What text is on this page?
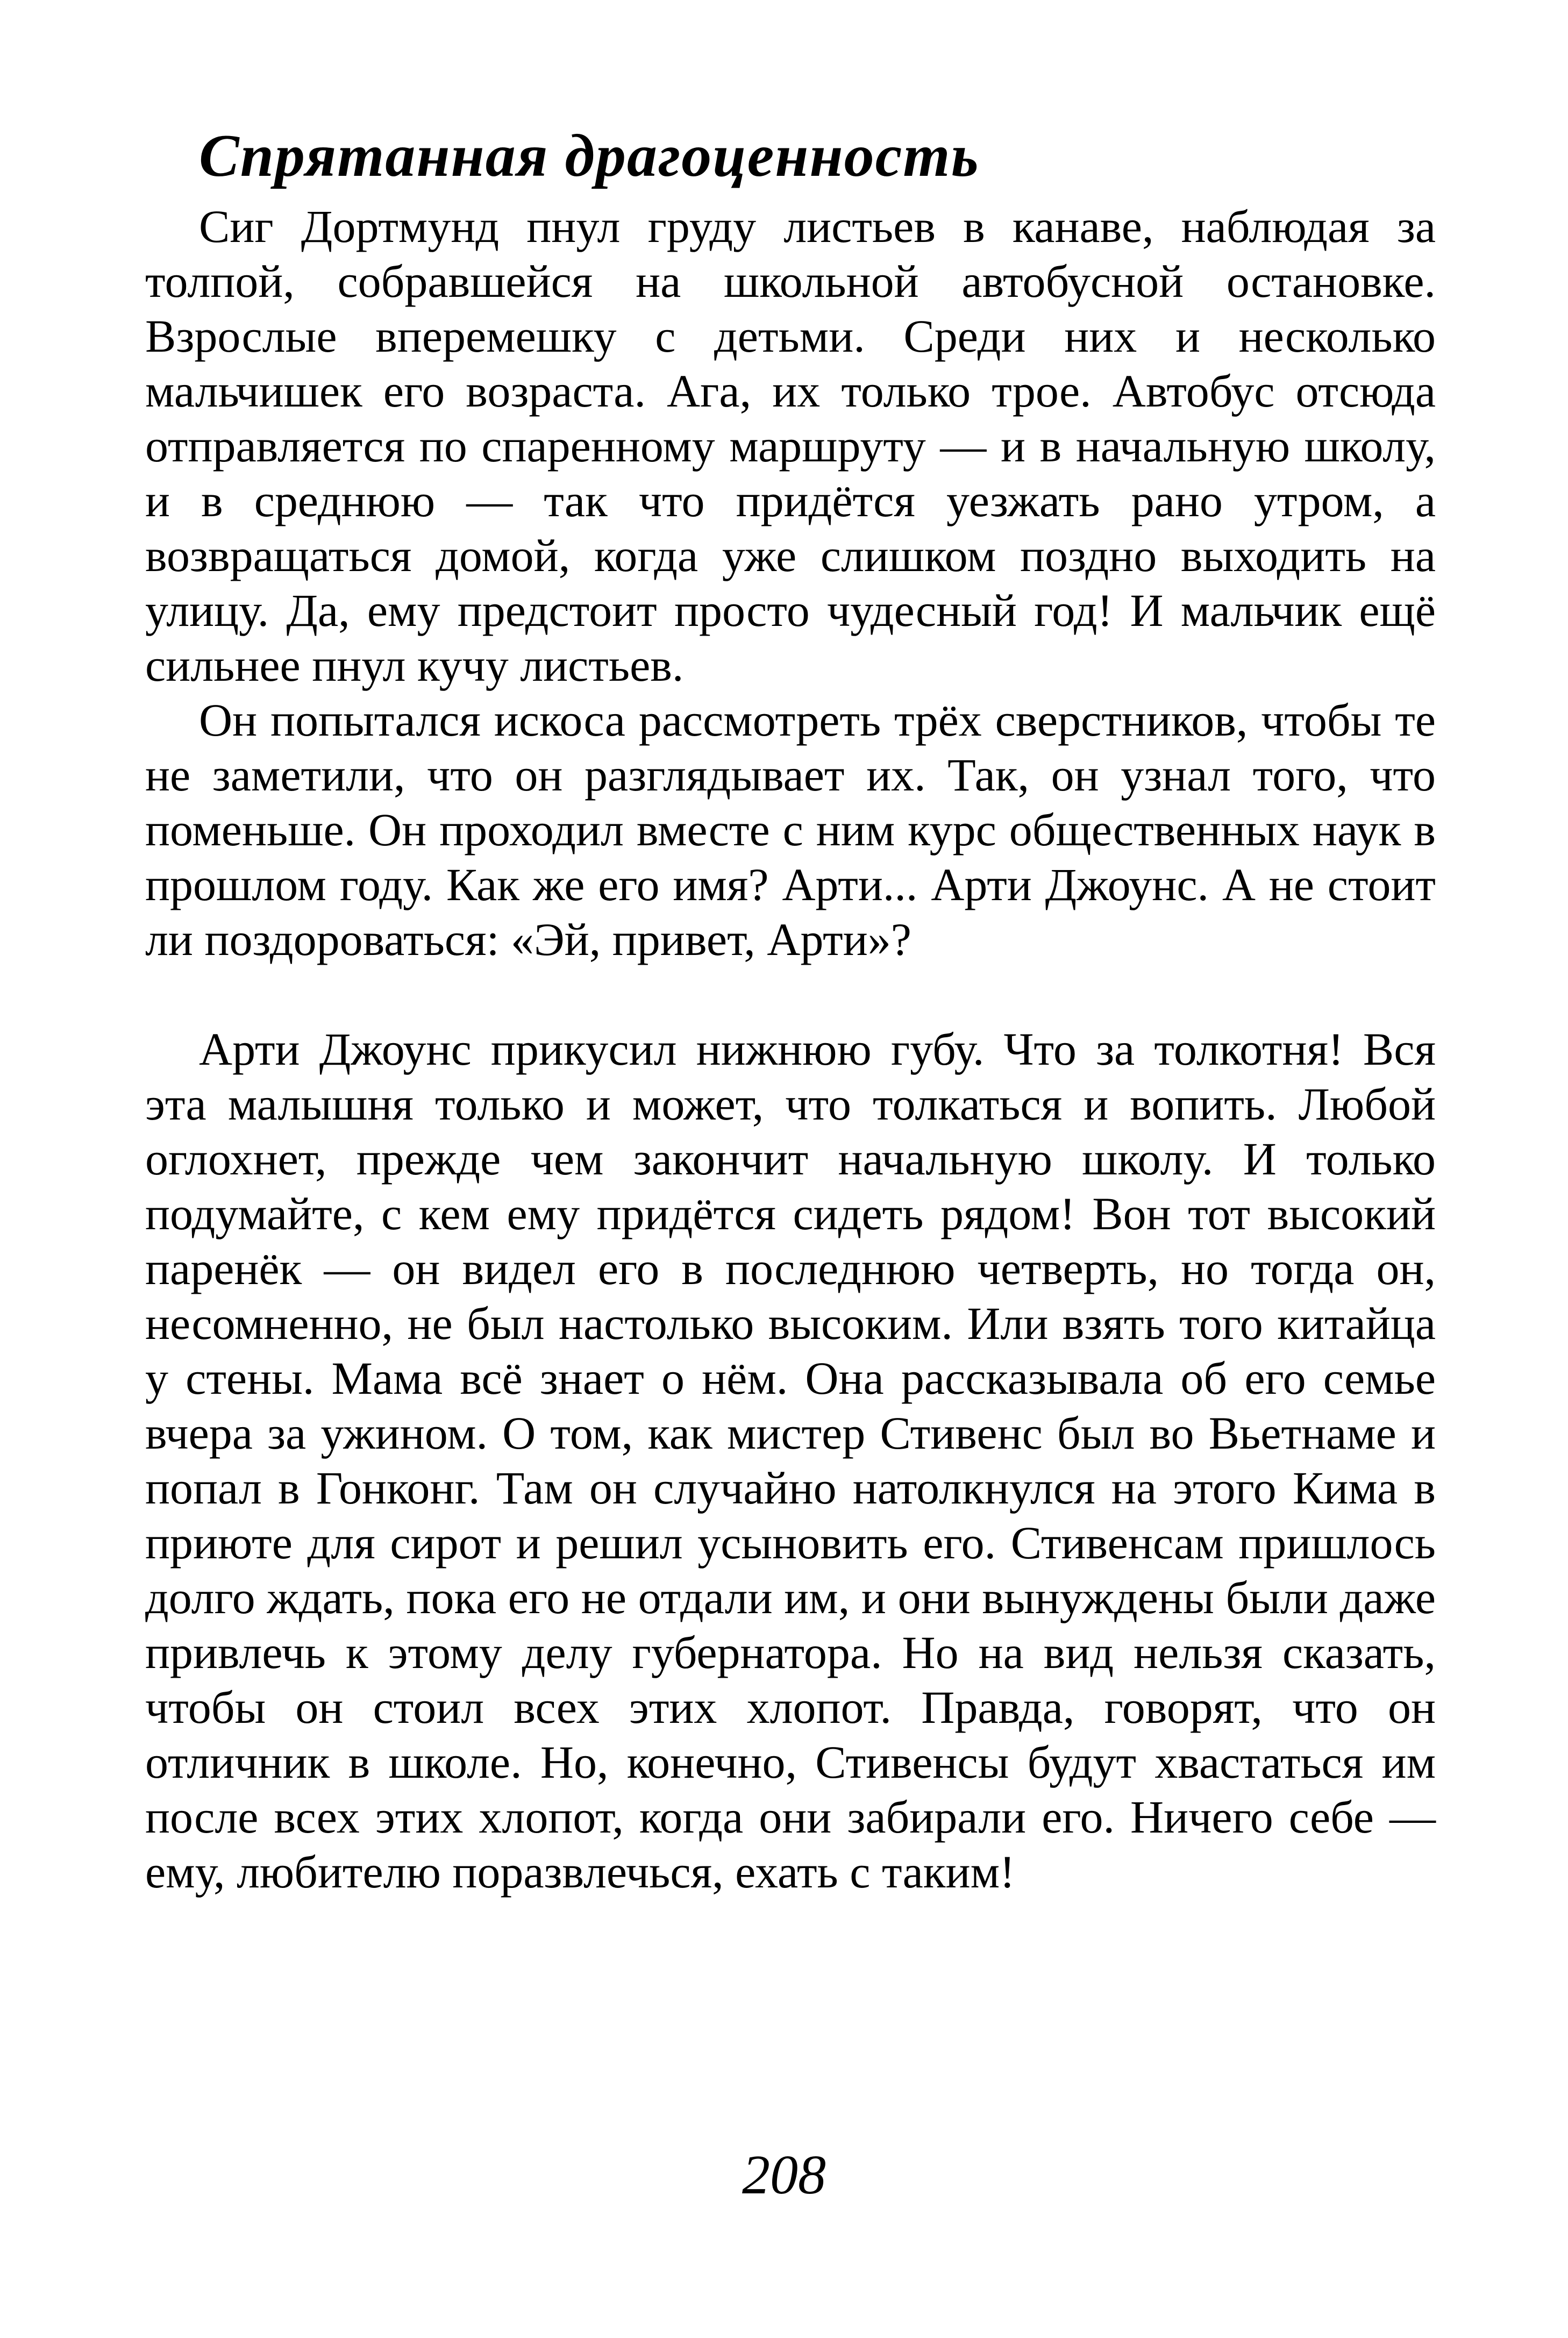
Спрятанная драгоценность

Сиг Дортмунд пнул груду листьев в канаве, наблюдая за толпой, собравшейся на школьной автобусной остановке. Взрослые вперемешку с детьми. Среди них и несколько мальчишек его возраста. Ага, их только трое. Автобус отсюда отправляется по спаренному маршруту — и в начальную школу, и в среднюю — так что придётся уезжать рано утром, а возвращаться домой, когда уже слишком поздно выходить на улицу. Да, ему предстоит просто чудесный год! И мальчик ещё сильнее пнул кучу листьев.

Он попытался искоса рассмотреть трёх сверстников, чтобы те не заметили, что он разглядывает их. Так, он узнал того, что поменьше. Он проходил вместе с ним курс общественных наук в прошлом году. Как же его имя? Арти... Арти Джоунс. А не стоит ли поздороваться: «Эй, привет, Арти»?

Арти Джоунс прикусил нижнюю губу. Что за толкотня! Вся эта малышня только и может, что толкаться и вопить. Любой оглохнет, прежде чем закончит начальную школу. И только подумайте, с кем ему придётся сидеть рядом! Вон тот высокий паренёк — он видел его в последнюю четверть, но тогда он, несомненно, не был настолько высоким. Или взять того китайца у стены. Мама всё знает о нём. Она рассказывала об его семье вчера за ужином. О том, как мистер Стивенс был во Вьетнаме и попал в Гонконг. Там он случайно натолкнулся на этого Кима в приюте для сирот и решил усыновить его. Стивенсам пришлось долго ждать, пока его не отдали им, и они вынуждены были даже привлечь к этому делу губернатора. Но на вид нельзя сказать, чтобы он стоил всех этих хлопот. Правда, говорят, что он отличник в школе. Но, конечно, Стивенсы будут хвастаться им после всех этих хлопот, когда они забирали его. Ничего себе — ему, любителю поразвлечься, ехать с таким!

208
